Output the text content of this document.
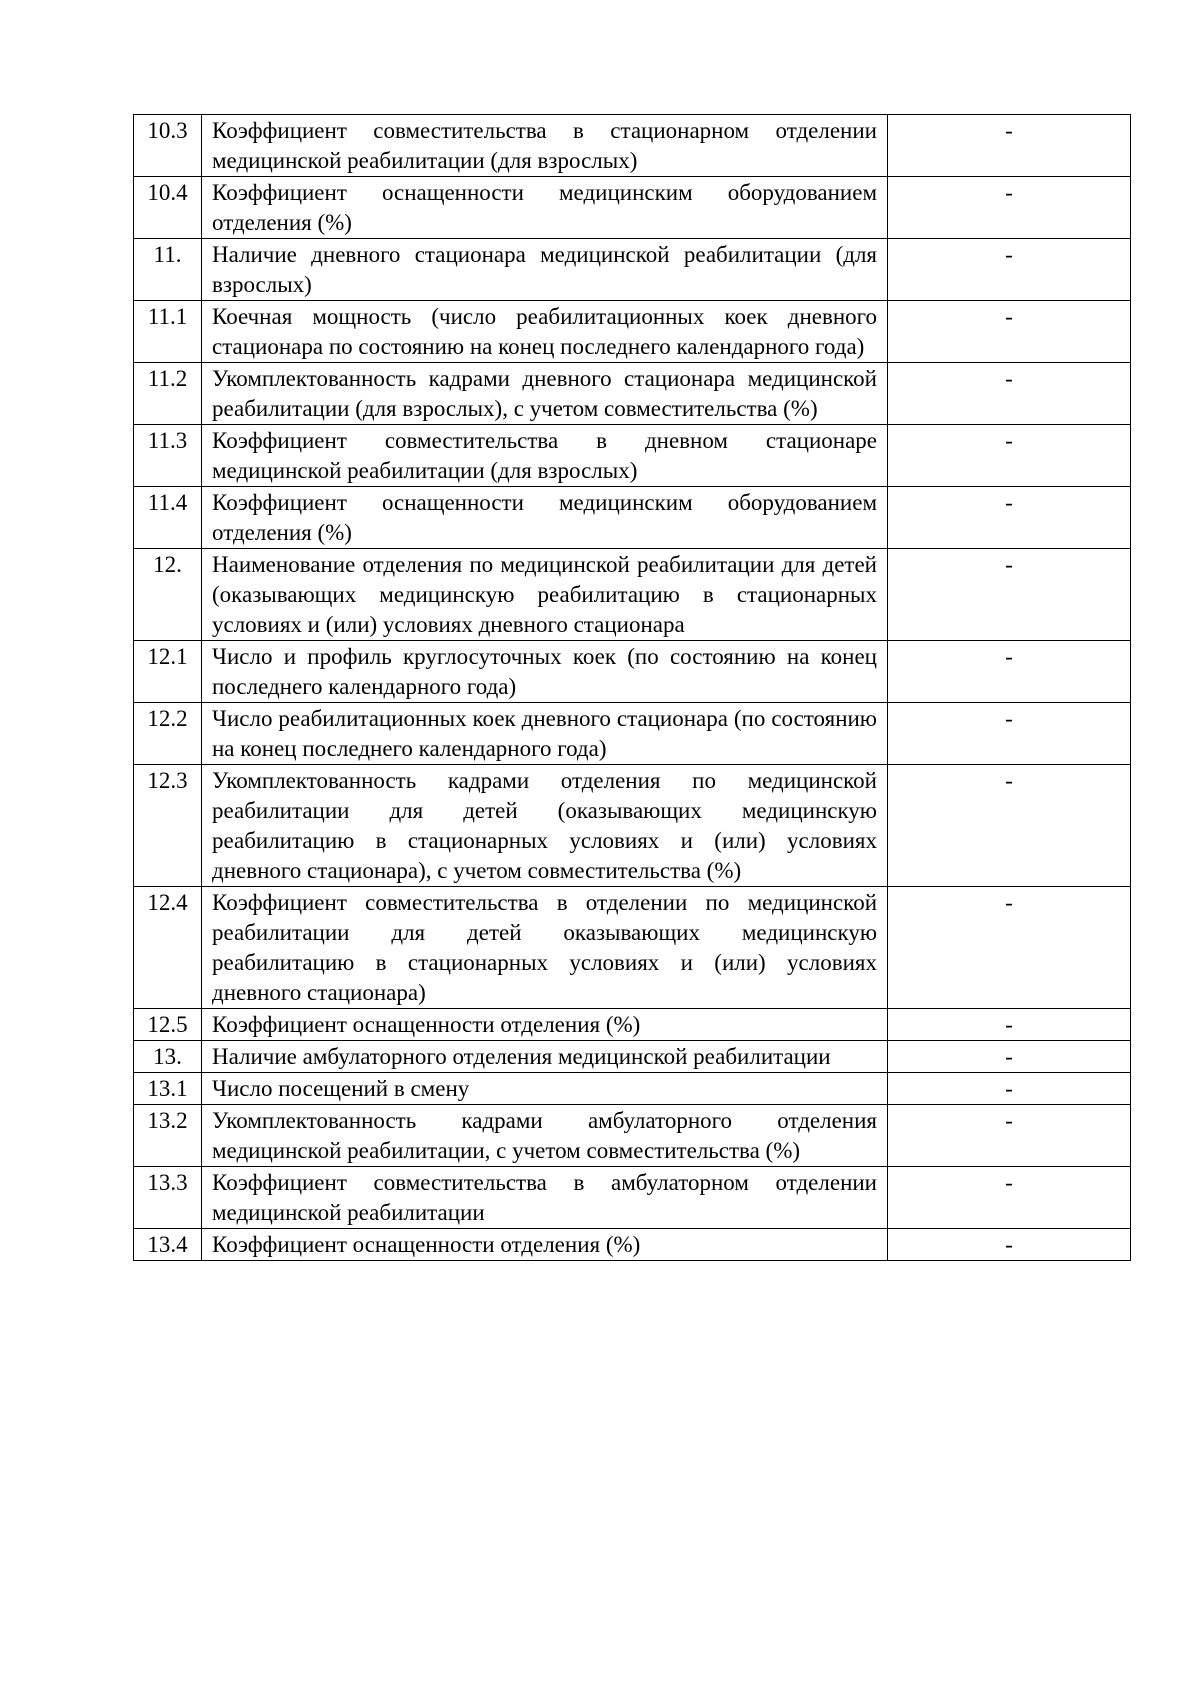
10.3	Коэффициент совместительства в стационарном отделении медицинской реабилитации (для взрослых)	-
10.4	Коэффициент оснащенности медицинским оборудованием отделения (%)	-
11.	Наличие дневного стационара медицинской реабилитации (для взрослых)	-
11.1	Коечная мощность (число реабилитационных коек дневного стационара по состоянию на конец последнего календарного года)	-
11.2	Укомплектованность кадрами дневного стационара медицинской реабилитации (для взрослых), с учетом совместительства (%)	-
11.3	Коэффициент совместительства в дневном стационаре медицинской реабилитации (для взрослых)	-
11.4	Коэффициент оснащенности медицинским оборудованием отделения (%)	-
12.	Наименование отделения по медицинской реабилитации для детей (оказывающих медицинскую реабилитацию в стационарных условиях и (или) условиях дневного стационара	-
12.1	Число и профиль круглосуточных коек (по состоянию на конец последнего календарного года)	-
12.2	Число реабилитационных коек дневного стационара (по состоянию на конец последнего календарного года)	-
12.3	Укомплектованность кадрами отделения по медицинской реабилитации для детей (оказывающих медицинскую реабилитацию в стационарных условиях и (или) условиях дневного стационара), с учетом совместительства (%)	-
12.4	Коэффициент совместительства в отделении по медицинской реабилитации для детей оказывающих медицинскую реабилитацию в стационарных условиях и (или) условиях дневного стационара)	-
12.5	Коэффициент оснащенности отделения (%)	-
13.	Наличие амбулаторного отделения медицинской реабилитации	-
13.1	Число посещений в смену	-
13.2	Укомплектованность кадрами амбулаторного отделения медицинской реабилитации, с учетом совместительства (%)	-
13.3	Коэффициент совместительства в амбулаторном отделении медицинской реабилитации	-
13.4	Коэффициент оснащенности отделения (%)	-
